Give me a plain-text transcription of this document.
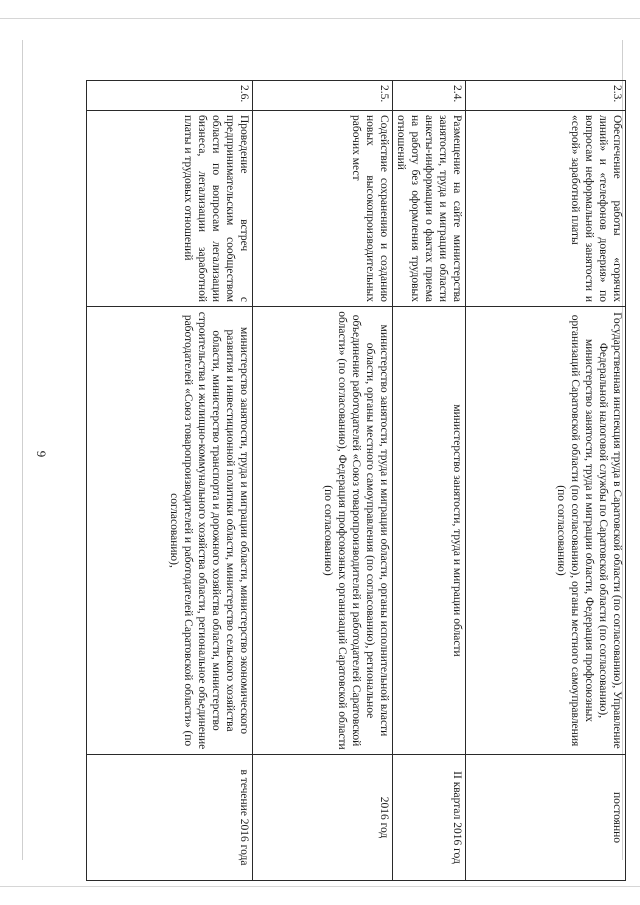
6
2.3.	Обеспечение работы «горячих линий» и «телефонов доверия» по вопросам неформальной занятости и «серой» заработной платы	Государственная инспекция труда в Саратовской области (по согласованию), Управление Федеральной налоговой службы по Саратовской области (по согласованию), министерство занятости, труда и миграции области, Федерация профсоюзных организаций Саратовской области (по согласованию), органы местного самоуправления (по согласованию)	постоянно
2.4.	Размещение на сайте министерства занятости, труда и миграции области анкеты-информации о фактах приема на работу без оформления трудовых отношений	министерство занятости, труда и миграции области	II квартал 2016 год
2.5.	Содействие сохранению и созданию новых высокопроизводительных рабочих мест	министерство занятости, труда и миграции области, органы исполнительной власти области, органы местного самоуправления (по согласованию), региональное объединение работодателей «Союз товаропроизводителей и работодателей Саратовской области» (по согласованию), Федерация профсоюзных организаций Саратовской области (по согласованию)	2016 год
2.6.	Проведение встреч с предпринимательским сообществом области по вопросам легализации бизнеса, легализации заработной платы и трудовых отношений	министерство занятости, труда и миграции области, министерство экономического развития и инвестиционной политики области, министерство сельского хозяйства области, министерство транспорта и дорожного хозяйства области, министерство строительства и жилищно-коммунального хозяйства области, региональное объединение работодателей «Союз товаропроизводителей и работодателей Саратовской области» (по согласованию),	в течение 2016 года
